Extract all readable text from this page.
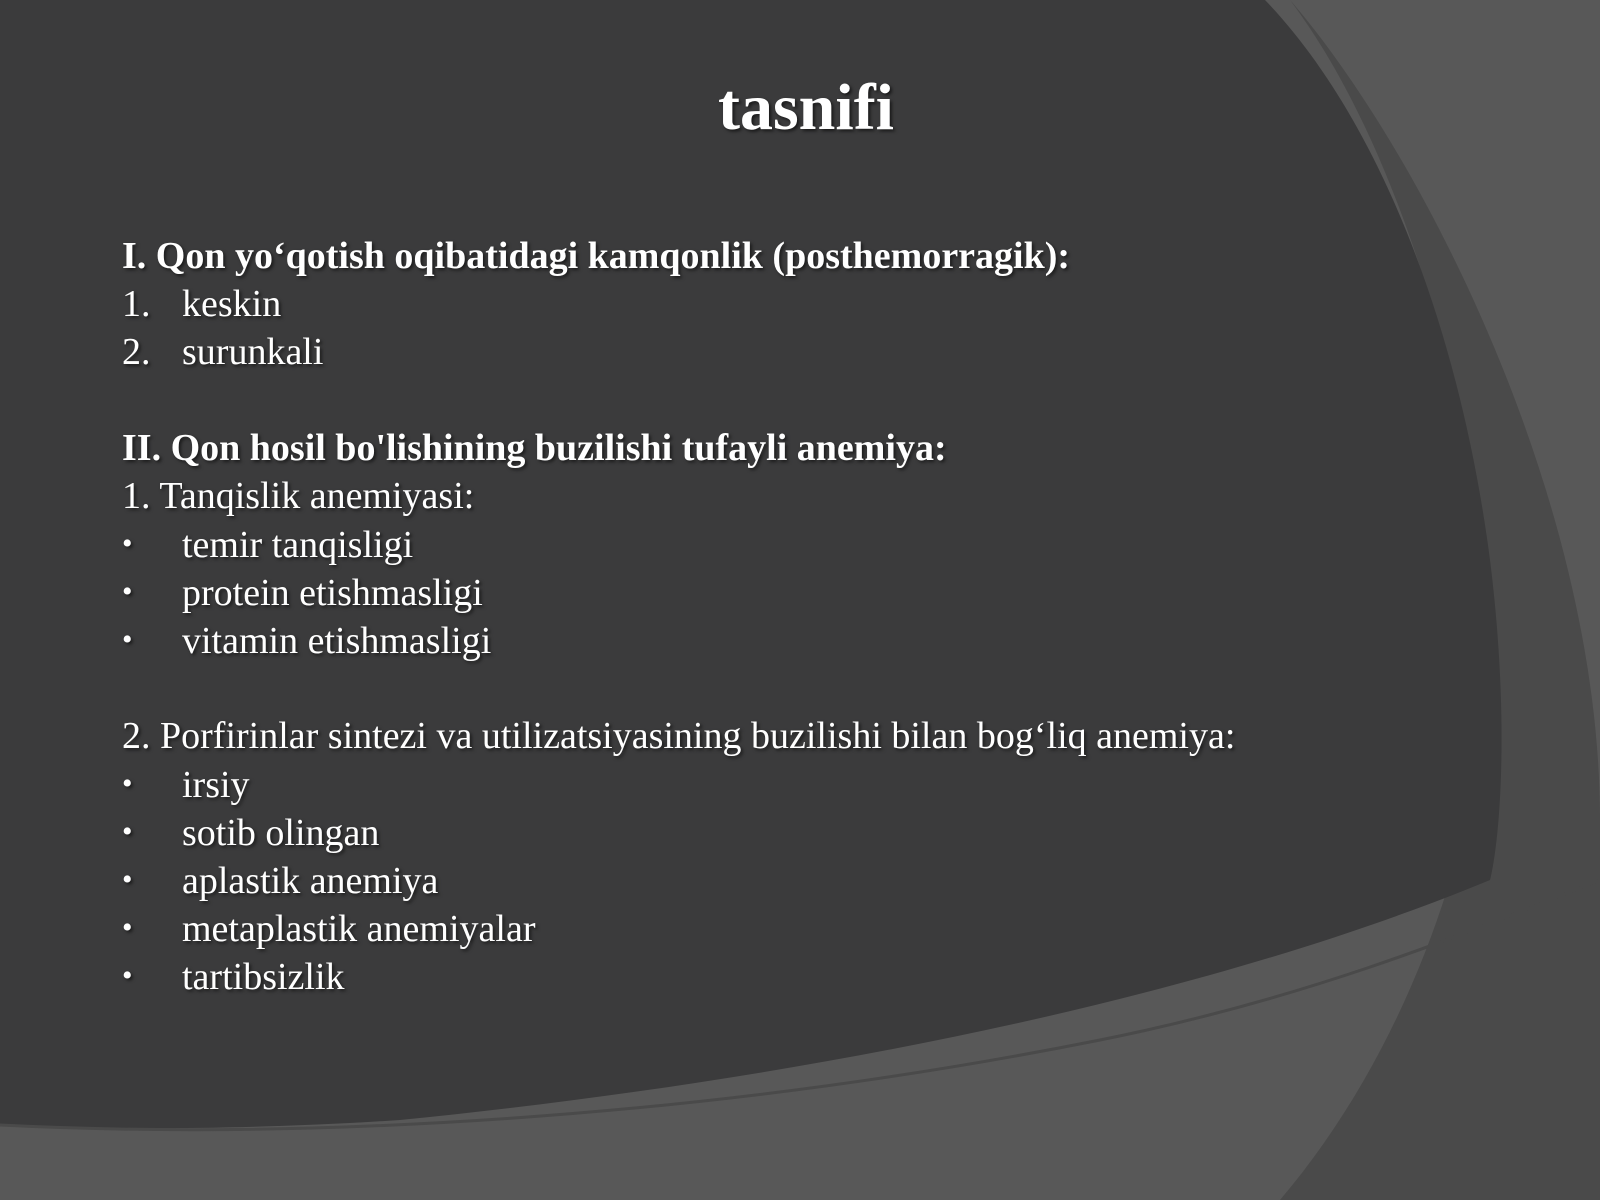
tasnifi
I. Qon yo‘qotish oqibatidagi kamqonlik (posthemorragik):
1. keskin
2. surunkali
II. Qon hosil bo'lishining buzilishi tufayli anemiya:
1. Tanqislik anemiyasi:
• temir tanqisligi
• protein etishmasligi
• vitamin etishmasligi
2. Porfirinlar sintezi va utilizatsiyasining buzilishi bilan bog‘liq anemiya:
• irsiy
• sotib olingan
• aplastik anemiya
• metaplastik anemiyalar
• tartibsizlik
